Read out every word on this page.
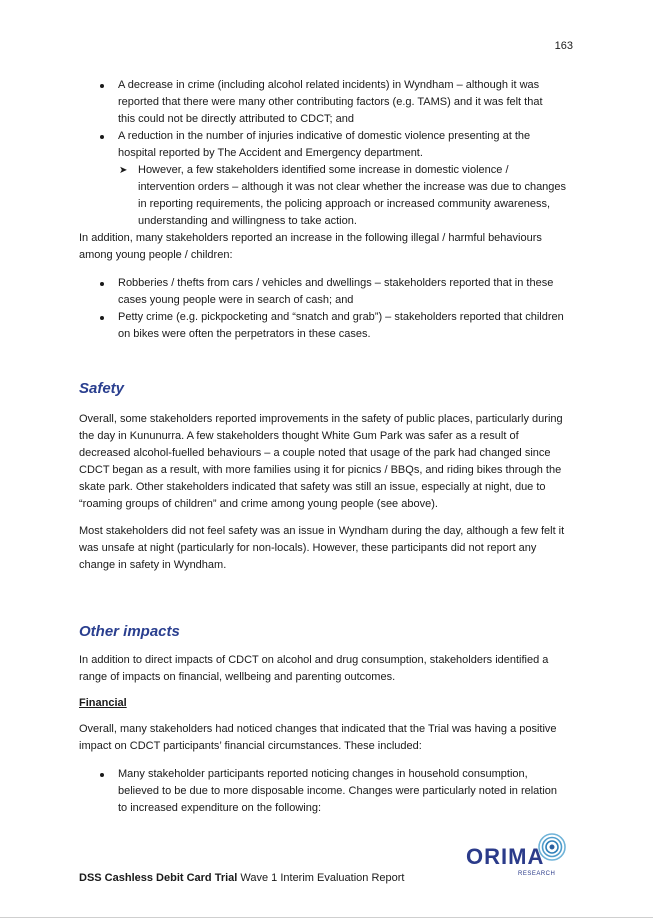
163
A decrease in crime (including alcohol related incidents) in Wyndham – although it was
reported that there were many other contributing factors (e.g. TAMS) and it was felt that
this could not be directly attributed to CDCT; and
A reduction in the number of injuries indicative of domestic violence presenting at the
hospital reported by The Accident and Emergency department.
➤ However, a few stakeholders identified some increase in domestic violence /
intervention orders – although it was not clear whether the increase was due to changes
in reporting requirements, the policing approach or increased community awareness,
understanding and willingness to take action.

In addition, many stakeholders reported an increase in the following illegal / harmful behaviours
among young people / children:

Robberies / thefts from cars / vehicles and dwellings – stakeholders reported that in these
cases young people were in search of cash; and
Petty crime (e.g. pickpocketing and “snatch and grab”) – stakeholders reported that children
on bikes were often the perpetrators in these cases.
Safety

Overall, some stakeholders reported improvements in the safety of public places, particularly during
the day in Kununurra. A few stakeholders thought White Gum Park was safer as a result of
decreased alcohol-fuelled behaviours – a couple noted that usage of the park had changed since
CDCT began as a result, with more families using it for picnics / BBQs, and riding bikes through the
skate park. Other stakeholders indicated that safety was still an issue, especially at night, due to
“roaming groups of children” and crime among young people (see above).

Most stakeholders did not feel safety was an issue in Wyndham during the day, although a few felt it
was unsafe at night (particularly for non-locals). However, these participants did not report any
change in safety in Wyndham.

Other impacts

In addition to direct impacts of CDCT on alcohol and drug consumption, stakeholders identified a
range of impacts on financial, wellbeing and parenting outcomes.

Financial

Overall, many stakeholders had noticed changes that indicated that the Trial was having a positive
impact on CDCT participants’ financial circumstances. These included:

Many stakeholder participants reported noticing changes in household consumption,
believed to be due to more disposable income. Changes were particularly noted in relation
to increased expenditure on the following:
ORIMA
RESEARCH
DSS Cashless Debit Card Trial Wave 1 Interim Evaluation Report
